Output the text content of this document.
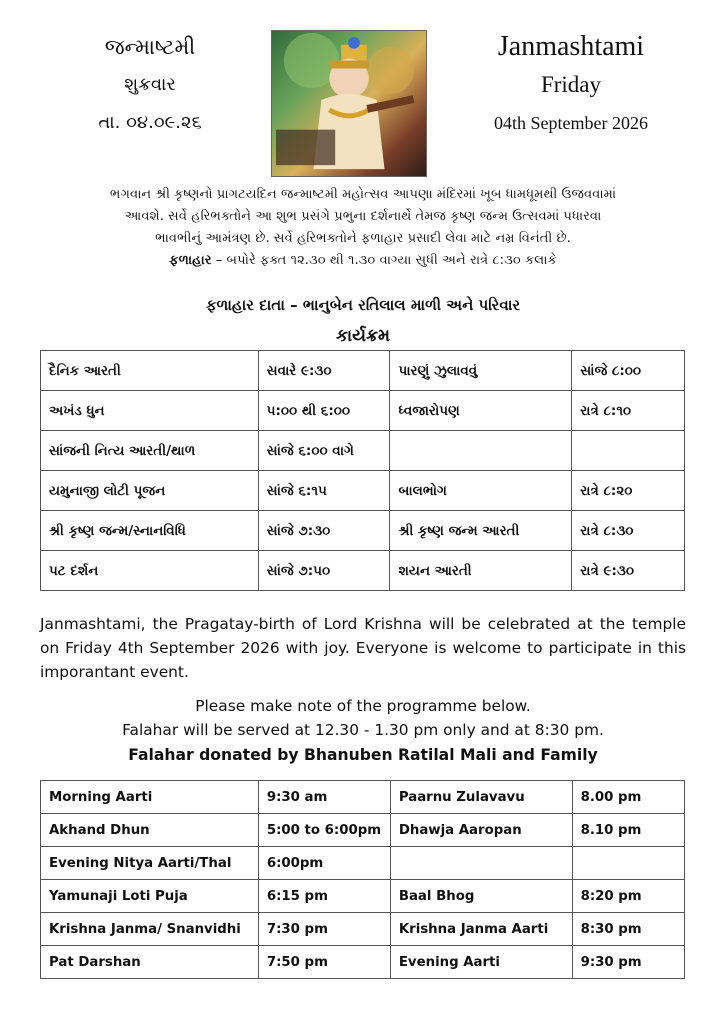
જન્માષ્ટમી
શુક્રવાર
તા. ૦૪.૦૯.૨૬
Janmashtami
Friday
04th September 2026
ભગવાન શ્રી કૃષ્ણનો પ્રાગટયદિન જન્માષ્ટમી મહોત્સવ આપણા મંદિરમાં ખૂબ ધામધૂમથી ઉજવવામાં
આવશે. સર્વે હરિભક્તોને આ શુભ પ્રસંગે પ્રભુના દર્શનાર્થે તેમજ કૃષ્ણ જન્મ ઉત્સવમાં પધારવા
ભાવભીનું આમંત્રણ છે. સર્વે હરિભક્તોને ફળાહાર પ્રસાદી લેવા માટે નમ્ર વિનંતી છે.
ફળાહાર – બપોરે ફક્ત ૧૨.૩૦ થી ૧.૩૦ વાગ્યા સુધી અને રાત્રે ૮:૩૦ કલાકે
ફળાહાર દાતા – ભાનુબેન રતિલાલ માળી અને પરિવાર
કાર્યક્રમ
દૈનિક આરતી	સવારે ૯:૩૦	પારણું ઝુલાવવું	સાંજે ૮:૦૦
અખંડ ધુન	૫:૦૦ થી ૬:૦૦	ધ્વજારોપણ	રાત્રે ૮:૧૦
સાંજની નિત્ય આરતી/થાળ	સાંજે ૬:૦૦ વાગે		
યમુનાજી લોટી પૂજન	સાંજે ૬:૧૫	બાલભોગ	રાત્રે ૮:૨૦
શ્રી કૃષ્ણ જન્મ/સ્નાનવિધિ	સાંજે ૭:૩૦	શ્રી કૃષ્ણ જન્મ આરતી	રાત્રે ૮:૩૦
પટ દર્શન	સાંજે ૭:૫૦	શયન આરતી	રાત્રે ૯:૩૦
Janmashtami, the Pragatay-birth of Lord Krishna will be celebrated at the temple on Friday 4th September 2026 with joy. Everyone is welcome to participate in this imporantant event.
Please make note of the programme below.
Falahar will be served at 12.30 - 1.30 pm only and at 8:30 pm.
Falahar donated by Bhanuben Ratilal Mali and Family
Morning Aarti	9:30 am	Paarnu Zulavavu	8.00 pm
Akhand Dhun	5:00 to 6:00pm	Dhawja Aaropan	8.10 pm
Evening Nitya Aarti/Thal	6:00pm		
Yamunaji Loti Puja	6:15 pm	Baal Bhog	8:20 pm
Krishna Janma/ Snanvidhi	7:30 pm	Krishna Janma Aarti	8:30 pm
Pat Darshan	7:50 pm	Evening Aarti	9:30 pm
